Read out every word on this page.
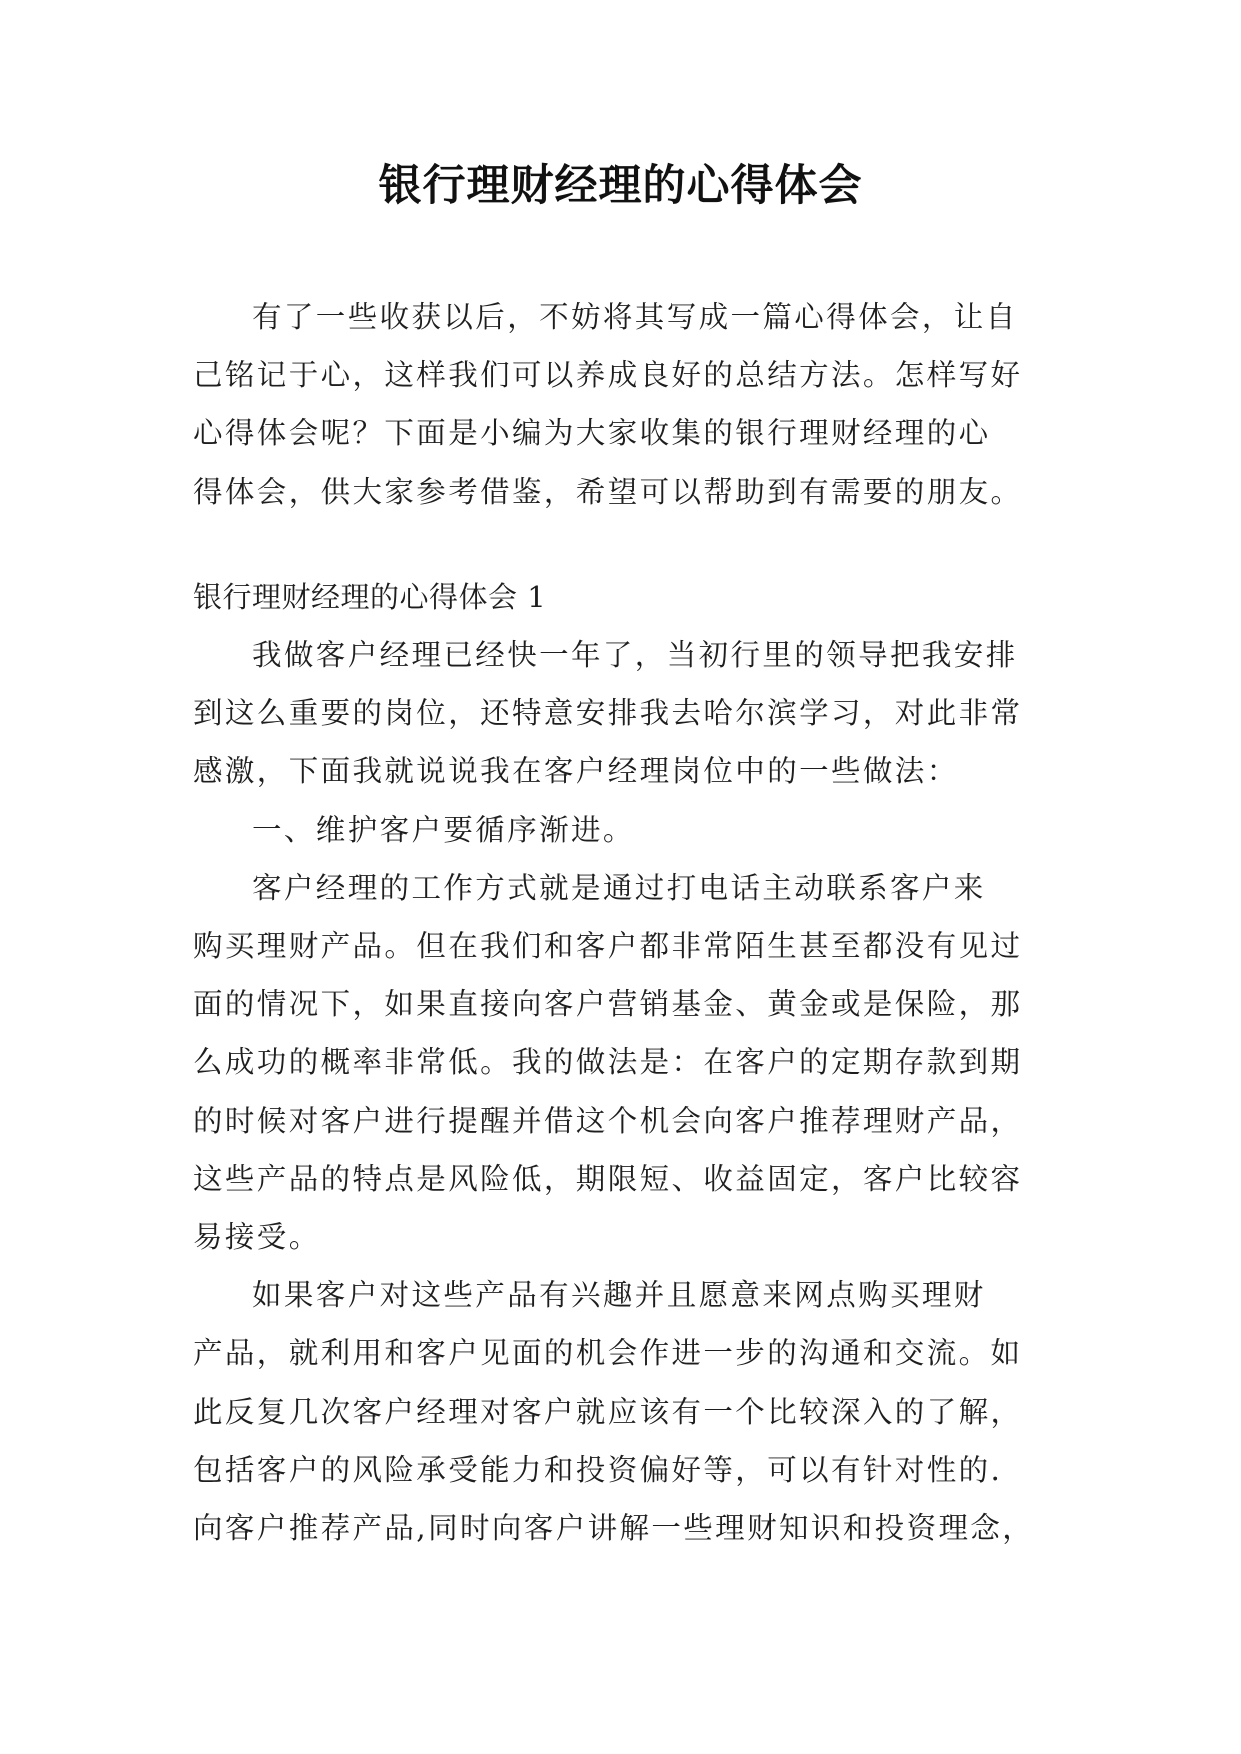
银行理财经理的心得体会
有了一些收获以后，不妨将其写成一篇心得体会，让自
己铭记于心，这样我们可以养成良好的总结方法。怎样写好
心得体会呢？下面是小编为大家收集的银行理财经理的心
得体会，供大家参考借鉴，希望可以帮助到有需要的朋友。
银行理财经理的心得体会 1
我做客户经理已经快一年了，当初行里的领导把我安排
到这么重要的岗位，还特意安排我去哈尔滨学习，对此非常
感激，下面我就说说我在客户经理岗位中的一些做法：
一、维护客户要循序渐进。
客户经理的工作方式就是通过打电话主动联系客户来
购买理财产品。但在我们和客户都非常陌生甚至都没有见过
面的情况下，如果直接向客户营销基金、黄金或是保险，那
么成功的概率非常低。我的做法是：在客户的定期存款到期
的时候对客户进行提醒并借这个机会向客户推荐理财产品，
这些产品的特点是风险低，期限短、收益固定，客户比较容
易接受。
如果客户对这些产品有兴趣并且愿意来网点购买理财
产品，就利用和客户见面的机会作进一步的沟通和交流。如
此反复几次客户经理对客户就应该有一个比较深入的了解，
包括客户的风险承受能力和投资偏好等，可以有针对性的.
向客户推荐产品,同时向客户讲解一些理财知识和投资理念，
